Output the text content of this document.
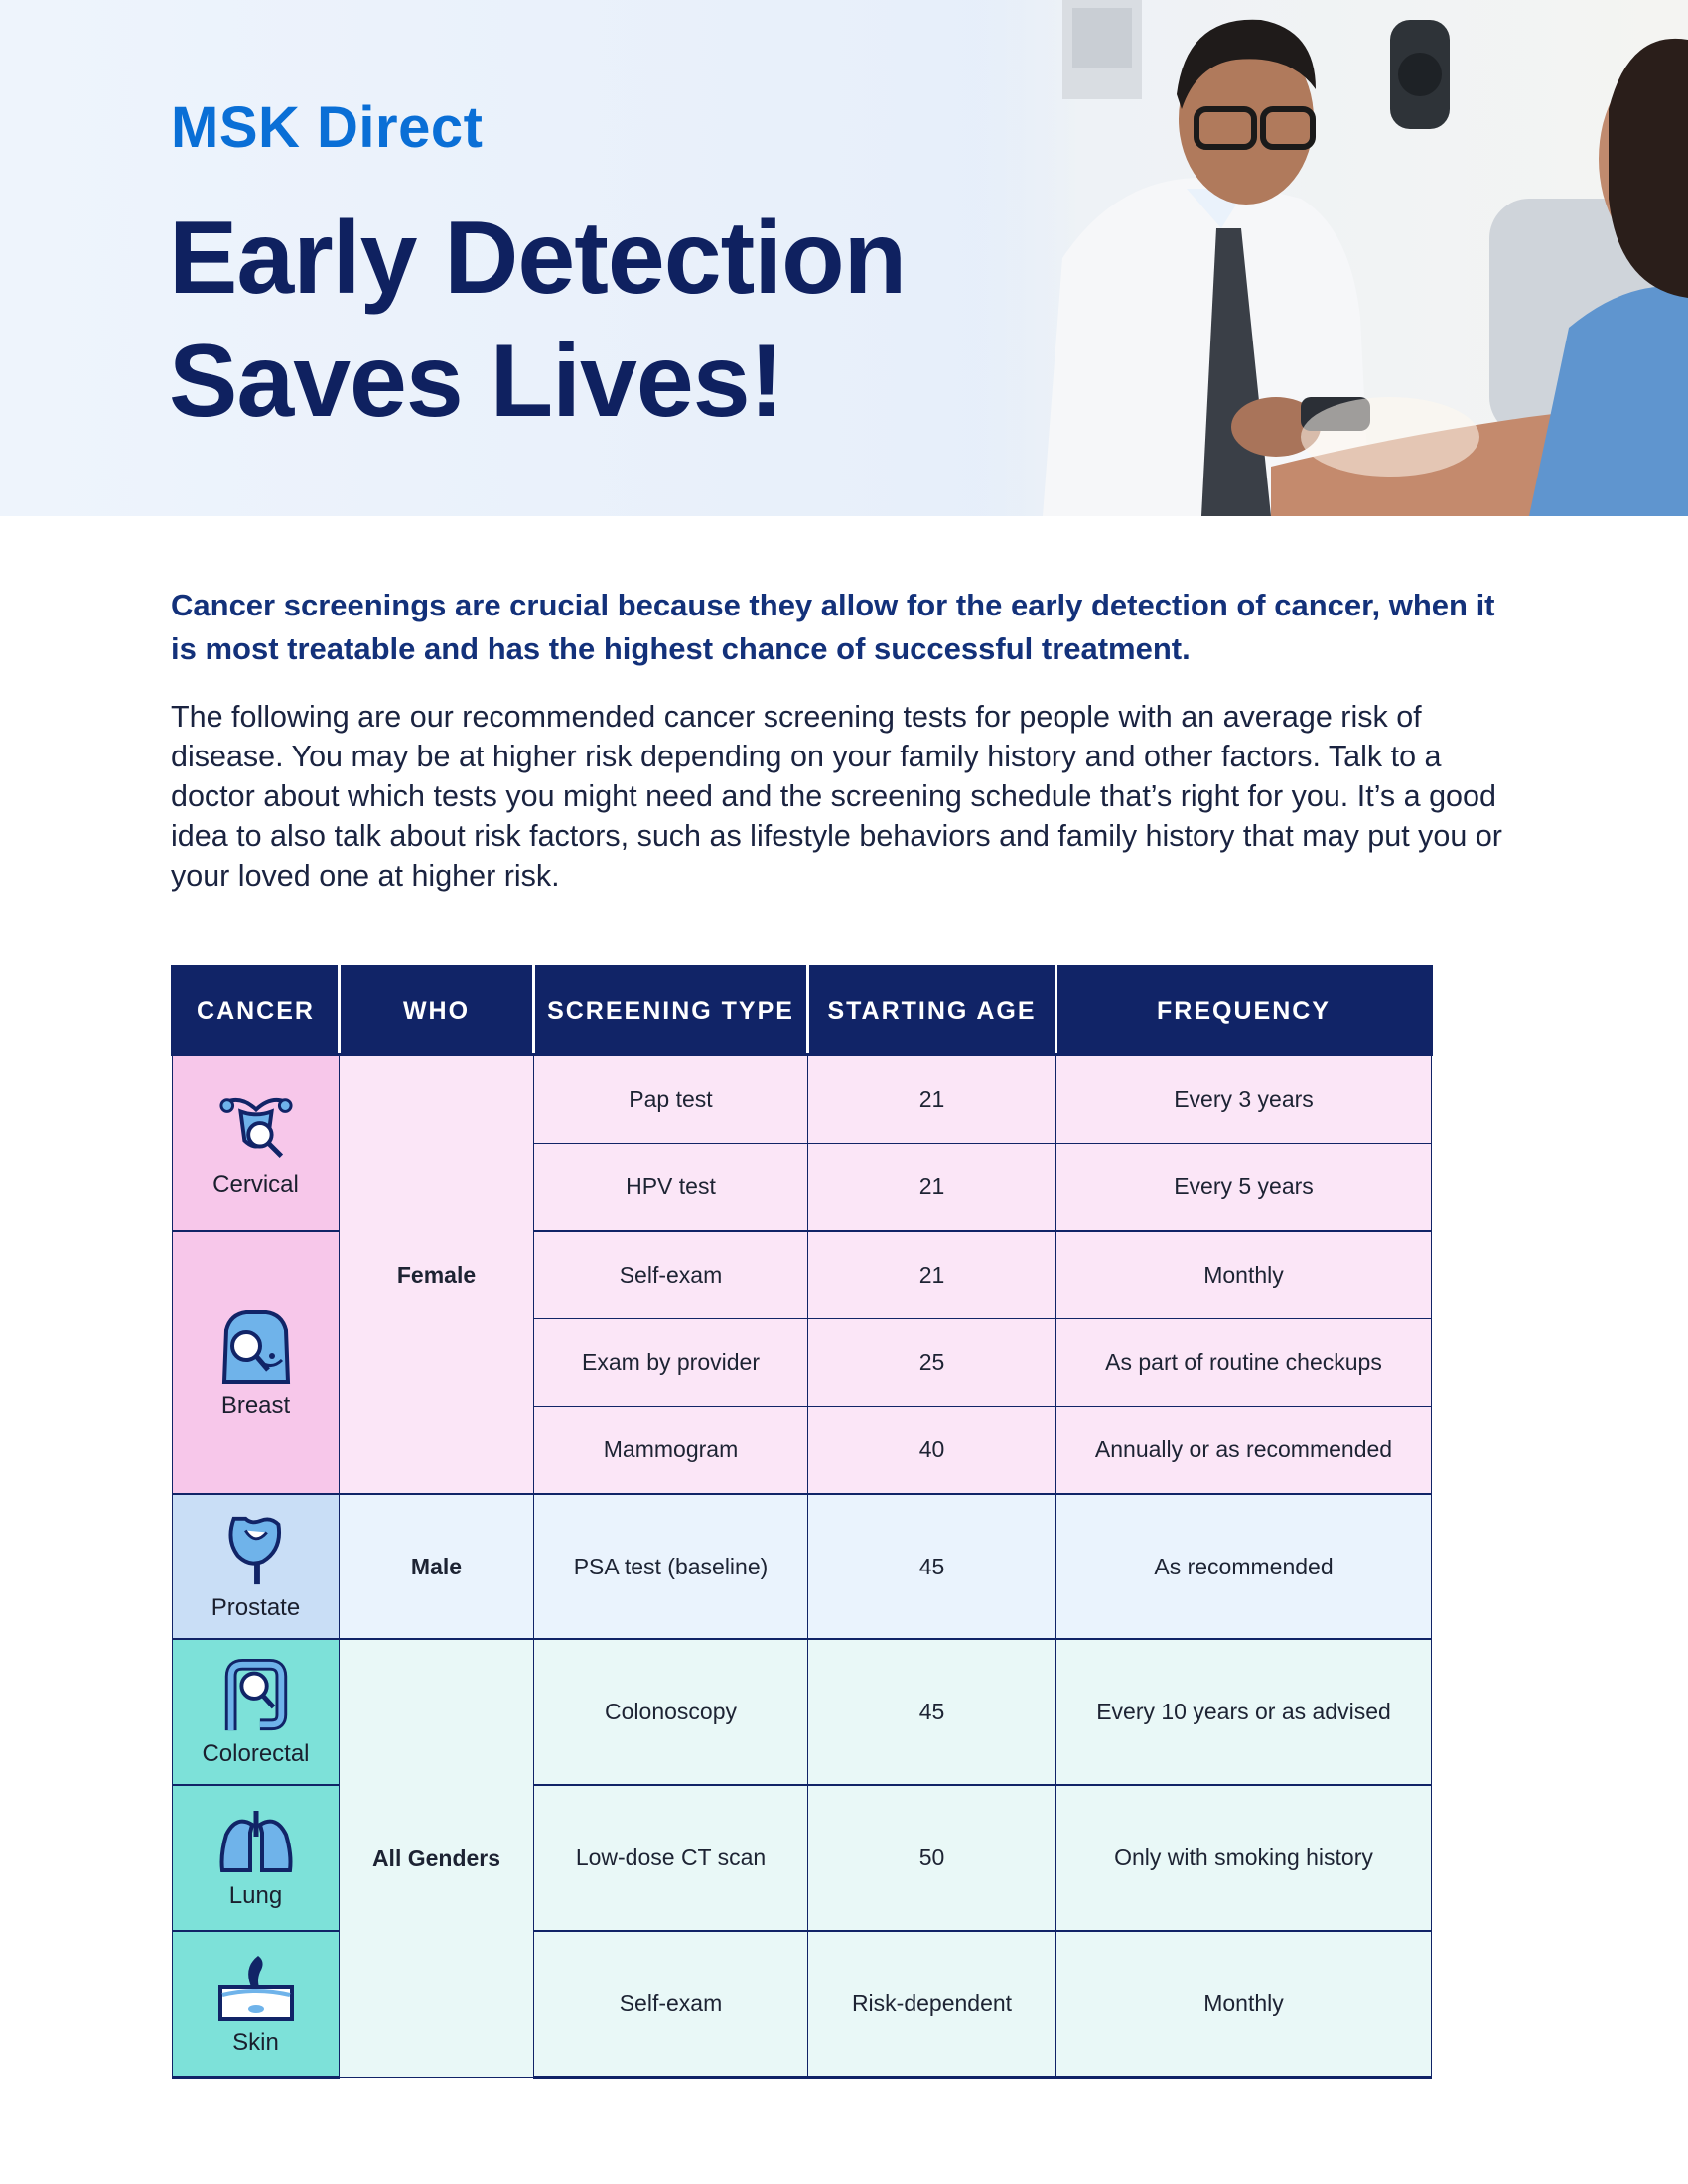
MSK Direct
Early Detection
Saves Lives!
Cancer screenings are crucial because they allow for the early detection of cancer, when it is most treatable and has the highest chance of successful treatment.
The following are our recommended cancer screening tests for people with an average risk of disease. You may be at higher risk depending on your family history and other factors. Talk to a doctor about which tests you might need and the screening schedule that’s right for you. It’s a good idea to also talk about risk factors, such as lifestyle behaviors and family history that may put you or your loved one at higher risk.
CANCER	WHO	SCREENING TYPE	STARTING AGE	FREQUENCY

Cervical	Female	Pap test	21	Every 3 years
		HPV test	21	Every 5 years

Breast		Self-exam	21	Monthly
		Exam by provider	25	As part of routine checkups
		Mammogram	40	Annually or as recommended

Prostate	Male	PSA test (baseline)	45	As recommended

Colorectal	All Genders	Colonoscopy	45	Every 10 years or as advised

Lung		Low-dose CT scan	50	Only with smoking history

Skin		Self-exam	Risk-dependent	Monthly
